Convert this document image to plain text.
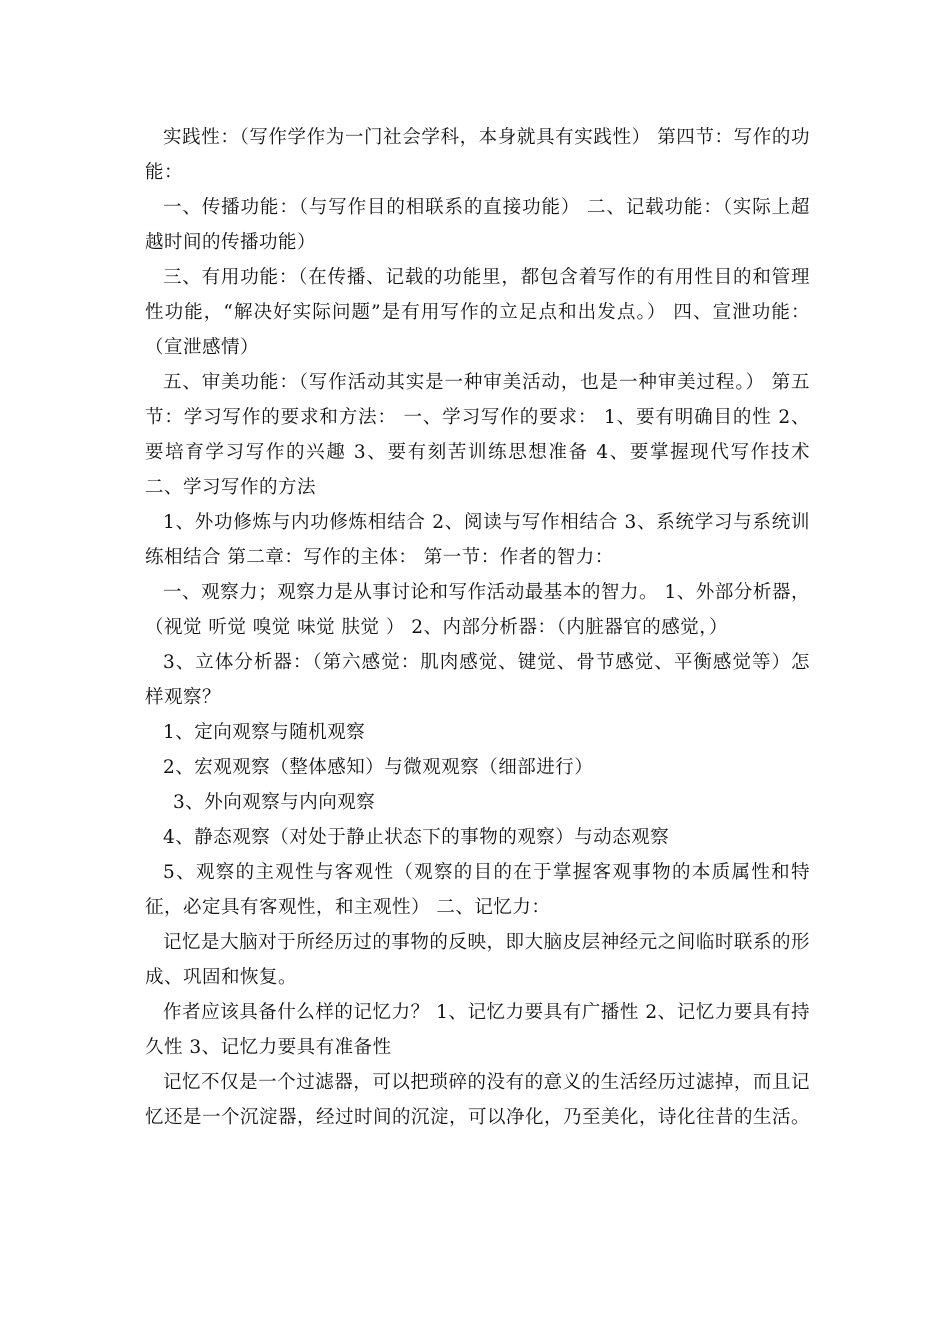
实践性：（写作学作为一门社会学科，本身就具有实践性） 第四节：写作的功能：

一、传播功能：（与写作目的相联系的直接功能） 二、记载功能：（实际上超越时间的传播功能）

三、有用功能：（在传播、记载的功能里，都包含着写作的有用性目的和管理性功能，“解决好实际问题”是有用写作的立足点和出发点。） 四、宣泄功能：（宣泄感情）

五、审美功能：（写作活动其实是一种审美活动，也是一种审美过程。） 第五节：学习写作的要求和方法： 一、学习写作的要求： 1、要有明确目的性 2、要培育学习写作的兴趣 3、要有刻苦训练思想准备 4、要掌握现代写作技术 二、学习写作的方法

1、外功修炼与内功修炼相结合 2、阅读与写作相结合 3、系统学习与系统训练相结合 第二章：写作的主体： 第一节：作者的智力：

一、观察力；观察力是从事讨论和写作活动最基本的智力。 1、外部分析器，（视觉 听觉 嗅觉 味觉 肤觉 ） 2、内部分析器：（内脏器官的感觉，）

3、立体分析器：（第六感觉：肌肉感觉、键觉、骨节感觉、平衡感觉等）怎样观察？

1、定向观察与随机观察

2、宏观观察（整体感知）与微观观察（细部进行）

3、外向观察与内向观察

4、静态观察（对处于静止状态下的事物的观察）与动态观察

5、观察的主观性与客观性（观察的目的在于掌握客观事物的本质属性和特征，必定具有客观性，和主观性） 二、记忆力：

记忆是大脑对于所经历过的事物的反映，即大脑皮层神经元之间临时联系的形成、巩固和恢复。

作者应该具备什么样的记忆力？ 1、记忆力要具有广播性 2、记忆力要具有持久性 3、记忆力要具有准备性

记忆不仅是一个过滤器，可以把琐碎的没有的意义的生活经历过滤掉，而且记忆还是一个沉淀器，经过时间的沉淀，可以净化，乃至美化，诗化往昔的生活。
